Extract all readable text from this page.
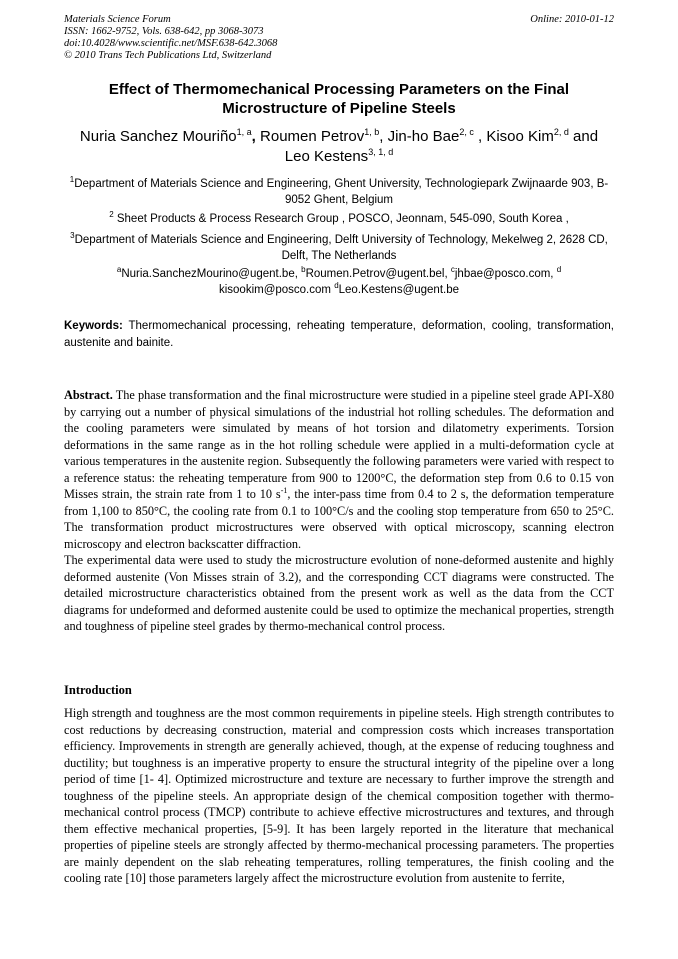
Materials Science Forum
ISSN: 1662-9752, Vols. 638-642, pp 3068-3073
doi:10.4028/www.scientific.net/MSF.638-642.3068
© 2010 Trans Tech Publications Ltd, Switzerland
Online: 2010-01-12
Effect of Thermomechanical Processing Parameters on the Final Microstructure of Pipeline Steels
Nuria Sanchez Mouriño$^{1, a}$, Roumen Petrov$^{1, b}$, Jin-ho Bae$^{2, c}$ , Kisoo Kim$^{2, d}$ and
Leo Kestens$^{3, 1, d}$
$^1$Department of Materials Science and Engineering, Ghent University, Technologiepark Zwijnaarde 903, B-9052 Ghent, Belgium
$^2$ Sheet Products & Process Research Group , POSCO, Jeonnam, 545-090, South Korea ,
$^3$Department of Materials Science and Engineering, Delft University of Technology, Mekelweg 2, 2628 CD, Delft, The Netherlands
$^a$Nuria.SanchezMourino@ugent.be, $^b$Roumen.Petrov@ugent.bel, $^c$jhbae@posco.com, $^d$
kisookim@posco.com $^d$Leo.Kestens@ugent.be
Keywords: Thermomechanical processing, reheating temperature, deformation, cooling, transformation, austenite and bainite.

Abstract. The phase transformation and the final microstructure were studied in a pipeline steel grade API-X80 by carrying out a number of physical simulations of the industrial hot rolling schedules. The deformation and the cooling parameters were simulated by means of hot torsion and dilatometry experiments. Torsion deformations in the same range as in the hot rolling schedule were applied in a multi-deformation cycle at various temperatures in the austenite region. Subsequently the following parameters were varied with respect to a reference status: the reheating temperature from 900 to 1200°C, the deformation step from 0.6 to 0.15 von Misses strain, the strain rate from 1 to 10 $s^{-1}$, the inter-pass time from 0.4 to 2 s, the deformation temperature from 1,100 to 850°C, the cooling rate from 0.1 to 100°C/s and the cooling stop temperature from 650 to 25°C. The transformation product microstructures were observed with optical microscopy, scanning electron microscopy and electron backscatter diffraction.

The experimental data were used to study the microstructure evolution of none-deformed austenite and highly deformed austenite (Von Misses strain of 3.2), and the corresponding CCT diagrams were constructed. The detailed microstructure characteristics obtained from the present work as well as the data from the CCT diagrams for undeformed and deformed austenite could be used to optimize the mechanical properties, strength and toughness of pipeline steel grades by thermo-mechanical control process.

Introduction

High strength and toughness are the most common requirements in pipeline steels. High strength contributes to cost reductions by decreasing construction, material and compression costs which increases transportation efficiency. Improvements in strength are generally achieved, though, at the expense of reducing toughness and ductility; but toughness is an imperative property to ensure the structural integrity of the pipeline over a long period of time [1- 4]. Optimized microstructure and texture are necessary to further improve the strength and toughness of the pipeline steels. An appropriate design of the chemical composition together with thermo-mechanical control process (TMCP) contribute to achieve effective microstructures and textures, and through them effective mechanical properties, [5-9]. It has been largely reported in the literature that mechanical properties of pipeline steels are strongly affected by thermo-mechanical processing parameters. The properties are mainly dependent on the slab reheating temperatures, rolling temperatures, the finish cooling and the cooling rate [10] those parameters largely affect the microstructure evolution from austenite to ferrite,
